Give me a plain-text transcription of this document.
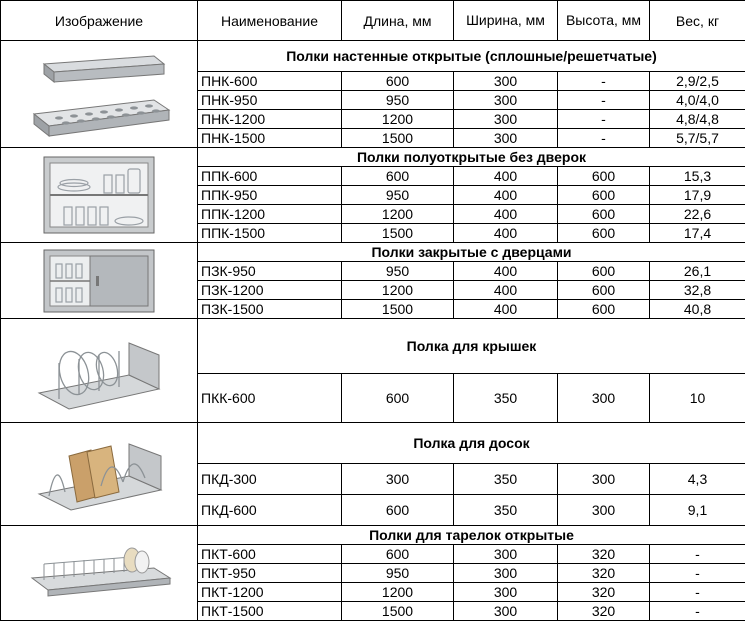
Изображение	Наименование	Длина, мм	Ширина, мм	Высота, мм	Вес, кг

	Полки настенные открытые (сплошные/решетчатые)				
	ПНК-600	600	300	-	2,9/2,5
	ПНК-950	950	300	-	4,0/4,0
	ПНК-1200	1200	300	-	4,8/4,8
	ПНК-1500	1500	300	-	5,7/5,7

	Полки полуоткрытые без дверок				
	ППК-600	600	400	600	15,3
	ППК-950	950	400	600	17,9
	ППК-1200	1200	400	600	22,6
	ППК-1500	1500	400	600	17,4

	Полки закрытые с дверцами				
	ПЗК-950	950	400	600	26,1
	ПЗК-1200	1200	400	600	32,8
	ПЗК-1500	1500	400	600	40,8

	Полка для крышек				
	ПКК-600	600	350	300	10

	Полка для досок				
	ПКД-300	300	350	300	4,3
	ПКД-600	600	350	300	9,1

	Полки для тарелок открытые				
	ПКТ-600	600	300	320	-
	ПКТ-950	950	300	320	-
	ПКТ-1200	1200	300	320	-
	ПКТ-1500	1500	300	320	-
